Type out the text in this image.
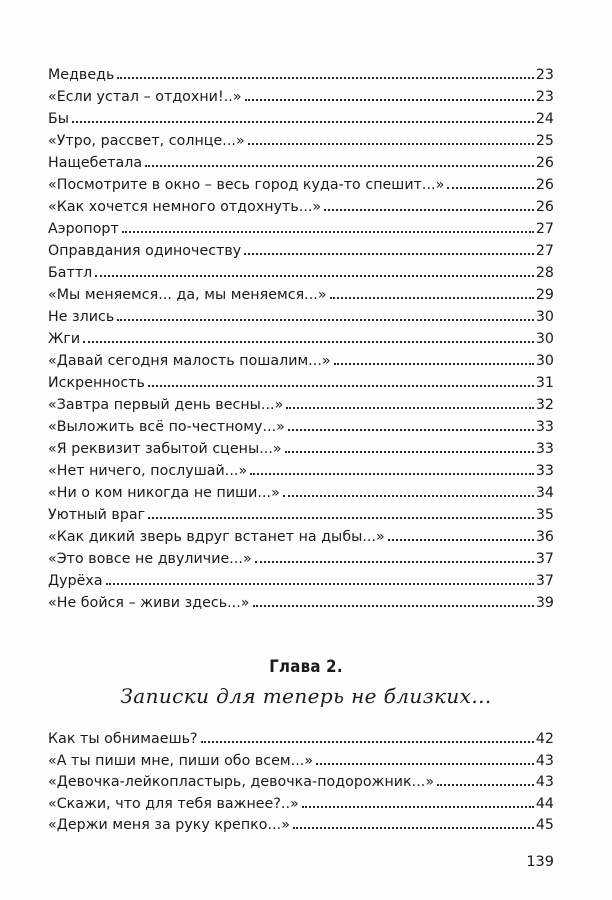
Медведь	23
«Если устал – отдохни!..»	23
Бы	24
«Утро, рассвет, солнце...»	25
Нащебетала	26
«Посмотрите в окно – весь город куда-то спешит...»	26
«Как хочется немного отдохнуть...»	26
Аэропорт	27
Оправдания одиночеству	27
Баттл	28
«Мы меняемся... да, мы меняемся...»	29
Не злись	30
Жги	30
«Давай сегодня малость пошалим...»	30
Искренность	31
«Завтра первый день весны...»	32
«Выложить всё по-честному...»	33
«Я реквизит забытой сцены...»	33
«Нет ничего, послушай...»	33
«Ни о ком никогда не пиши...»	34
Уютный враг	35
«Как дикий зверь вдруг встанет на дыбы...»	36
«Это вовсе не двуличие...»	37
Дурёха	37
«Не бойся – живи здесь...»	39
Глава 2.
Записки для теперь не близких...
Как ты обнимаешь?	42
«А ты пиши мне, пиши обо всем...»	43
«Девочка-лейкопластырь, девочка-подорожник...»	43
«Скажи, что для тебя важнее?..»	44
«Держи меня за руку крепко...»	45
139
